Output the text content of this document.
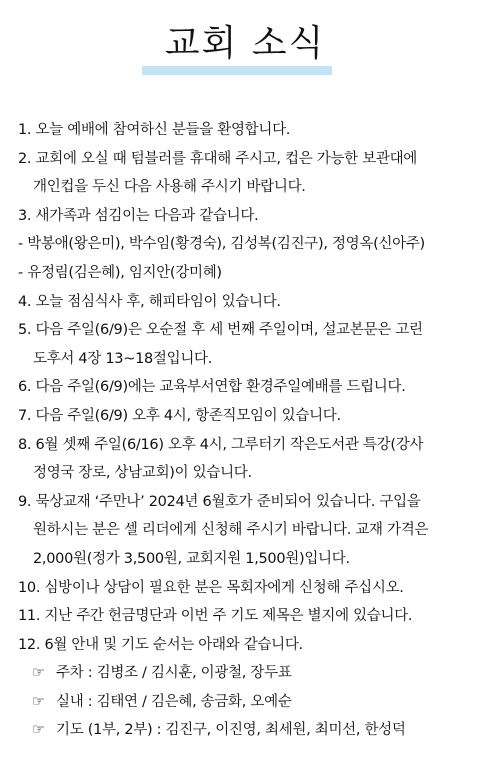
교회 소식
1. 오늘 예배에 참여하신 분들을 환영합니다.
2. 교회에 오실 때 텀블러를 휴대해 주시고, 컵은 가능한 보관대에
개인컵을 두신 다음 사용해 주시기 바랍니다.
3. 새가족과 섬김이는 다음과 같습니다.
- 박봉애(왕은미), 박수임(황경숙), 김성복(김진구), 정영옥(신아주)
- 유정림(김은혜), 임지안(강미혜)
4. 오늘 점심식사 후, 해피타임이 있습니다.
5. 다음 주일(6/9)은 오순절 후 세 번째 주일이며, 설교본문은 고린
도후서 4장 13~18절입니다.
6. 다음 주일(6/9)에는 교육부서연합 환경주일예배를 드립니다.
7. 다음 주일(6/9) 오후 4시, 항존직모임이 있습니다.
8. 6월 셋째 주일(6/16) 오후 4시, 그루터기 작은도서관 특강(강사
정영국 장로, 상남교회)이 있습니다.
9. 묵상교재 ‘주만나’ 2024년 6월호가 준비되어 있습니다. 구입을
원하시는 분은 셀 리더에게 신청해 주시기 바랍니다. 교재 가격은
2,000원(정가 3,500원, 교회지원 1,500원)입니다.
10. 심방이나 상담이 필요한 분은 목회자에게 신청해 주십시오.
11. 지난 주간 헌금명단과 이번 주 기도 제목은 별지에 있습니다.
12. 6월 안내 및 기도 순서는 아래와 같습니다.
☞ 주차 : 김병조 / 김시훈, 이광철, 장두표
☞ 실내 : 김태연 / 김은혜, 송금화, 오예순
☞ 기도 (1부, 2부) : 김진구, 이진영, 최세원, 최미선, 한성덕
